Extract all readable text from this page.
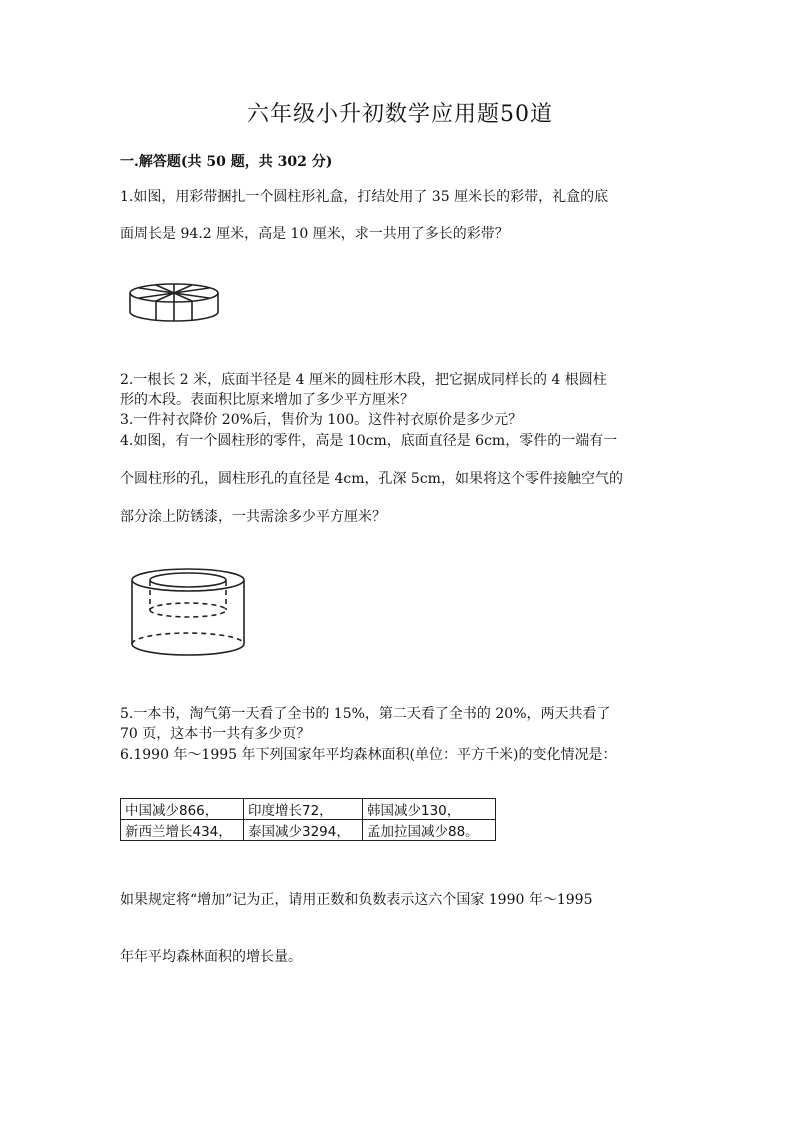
六年级小升初数学应用题50道
一.解答题(共 50 题，共 302 分)
1.如图，用彩带捆扎一个圆柱形礼盒，打结处用了 35 厘米长的彩带，礼盒的底
面周长是 94.2 厘米，高是 10 厘米，求一共用了多长的彩带？
2.一根长 2 米，底面半径是 4 厘米的圆柱形木段，把它据成同样长的 4 根圆柱
形的木段。表面积比原来增加了多少平方厘米？
3.一件衬衣降价 20%后，售价为 100。这件衬衣原价是多少元？
4.如图，有一个圆柱形的零件，高是 10cm，底面直径是 6cm，零件的一端有一
个圆柱形的孔，圆柱形孔的直径是 4cm，孔深 5cm，如果将这个零件接触空气的
部分涂上防锈漆，一共需涂多少平方厘米？
5.一本书，淘气第一天看了全书的 15%，第二天看了全书的 20%，两天共看了
70 页，这本书一共有多少页？
6.1990 年～1995 年下列国家年平均森林面积(单位：平方千米)的变化情况是：
中国减少866，	印度增长72，	韩国减少130，
新西兰增长434，	泰国减少3294，	孟加拉国减少88。
如果规定将“增加”记为正，请用正数和负数表示这六个国家 1990 年～1995
年年平均森林面积的增长量。
